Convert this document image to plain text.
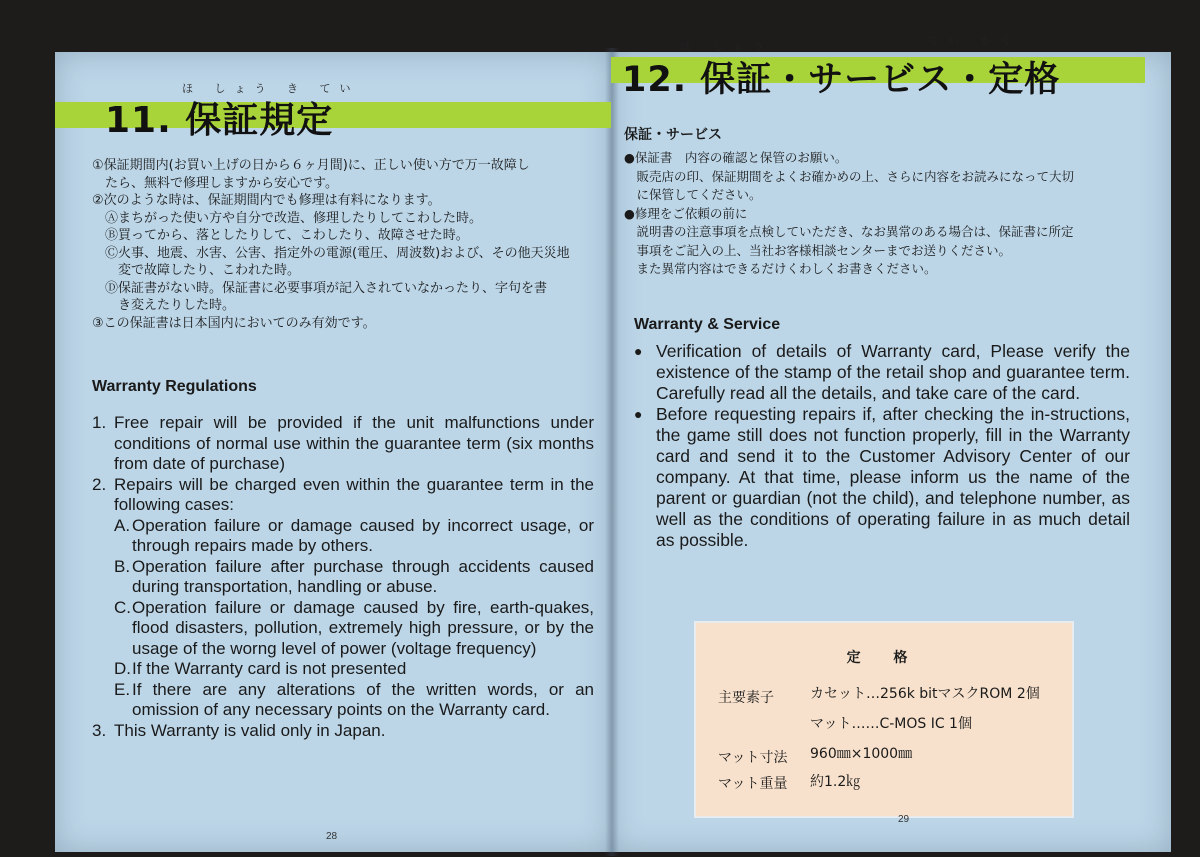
ほ しょう き てい
11. 保証規定
①保証期間内(お買い上げの日から６ヶ月間)に、正しい使い方で万一故障し
　たら、無料で修理しますから安心です。
②次のような時は、保証期間内でも修理は有料になります。
　Ⓐまちがった使い方や自分で改造、修理したりしてこわした時。
　Ⓑ買ってから、落としたりして、こわしたり、故障させた時。
　Ⓒ火事、地震、水害、公害、指定外の電源(電圧、周波数)および、その他天災地
　　変で故障したり、こわれた時。
　Ⓓ保証書がない時。保証書に必要事項が記入されていなかったり、字句を書
　　き変えたりした時。
③この保証書は日本国内においてのみ有効です。
Warranty Regulations
1. Free repair will be provided if the unit malfunctions under conditions of normal use within the guarantee term (six months from date of purchase)
2. Repairs will be charged even within the guarantee term in the following cases:
A. Operation failure or damage caused by incorrect usage, or through repairs made by others.
B. Operation failure after purchase through accidents caused during transportation, handling or abuse.
C. Operation failure or damage caused by fire, earth-quakes, flood disasters, pollution, extremely high pressure, or by the usage of the worng level of power (voltage frequency)
D. If the Warranty card is not presented
E. If there are any alterations of the written words, or an omission of any necessary points on the Warranty card.
3. This Warranty is valid only in Japan.
28
ほ しょう	てい かく
12. 保証・サービス・定格
保証・サービス
●保証書　内容の確認と保管のお願い。
　販売店の印、保証期間をよくお確かめの上、さらに内容をお読みになって大切
　に保管してください。
●修理をご依頼の前に
　説明書の注意事項を点検していただき、なお異常のある場合は、保証書に所定
　事項をご記入の上、当社お客様相談センターまでお送りください。
　また異常内容はできるだけくわしくお書きください。
Warranty & Service
● Verification of details of Warranty card, Please verify the existence of the stamp of the retail shop and guarantee term. Carefully read all the details, and take care of the card.
● Before requesting repairs if, after checking the in-structions, the game still does not function properly, fill in the Warranty card and send it to the Customer Advisory Center of our company. At that time, please inform us the name of the parent or guardian (not the child), and telephone number, as well as the conditions of operating failure in as much detail as possible.
定 格
主要素子	カセット…256k bitマスクROM 2個
マット……C-MOS IC 1個
マット寸法 960㎜×1000㎜
マット重量 約1.2㎏
29
